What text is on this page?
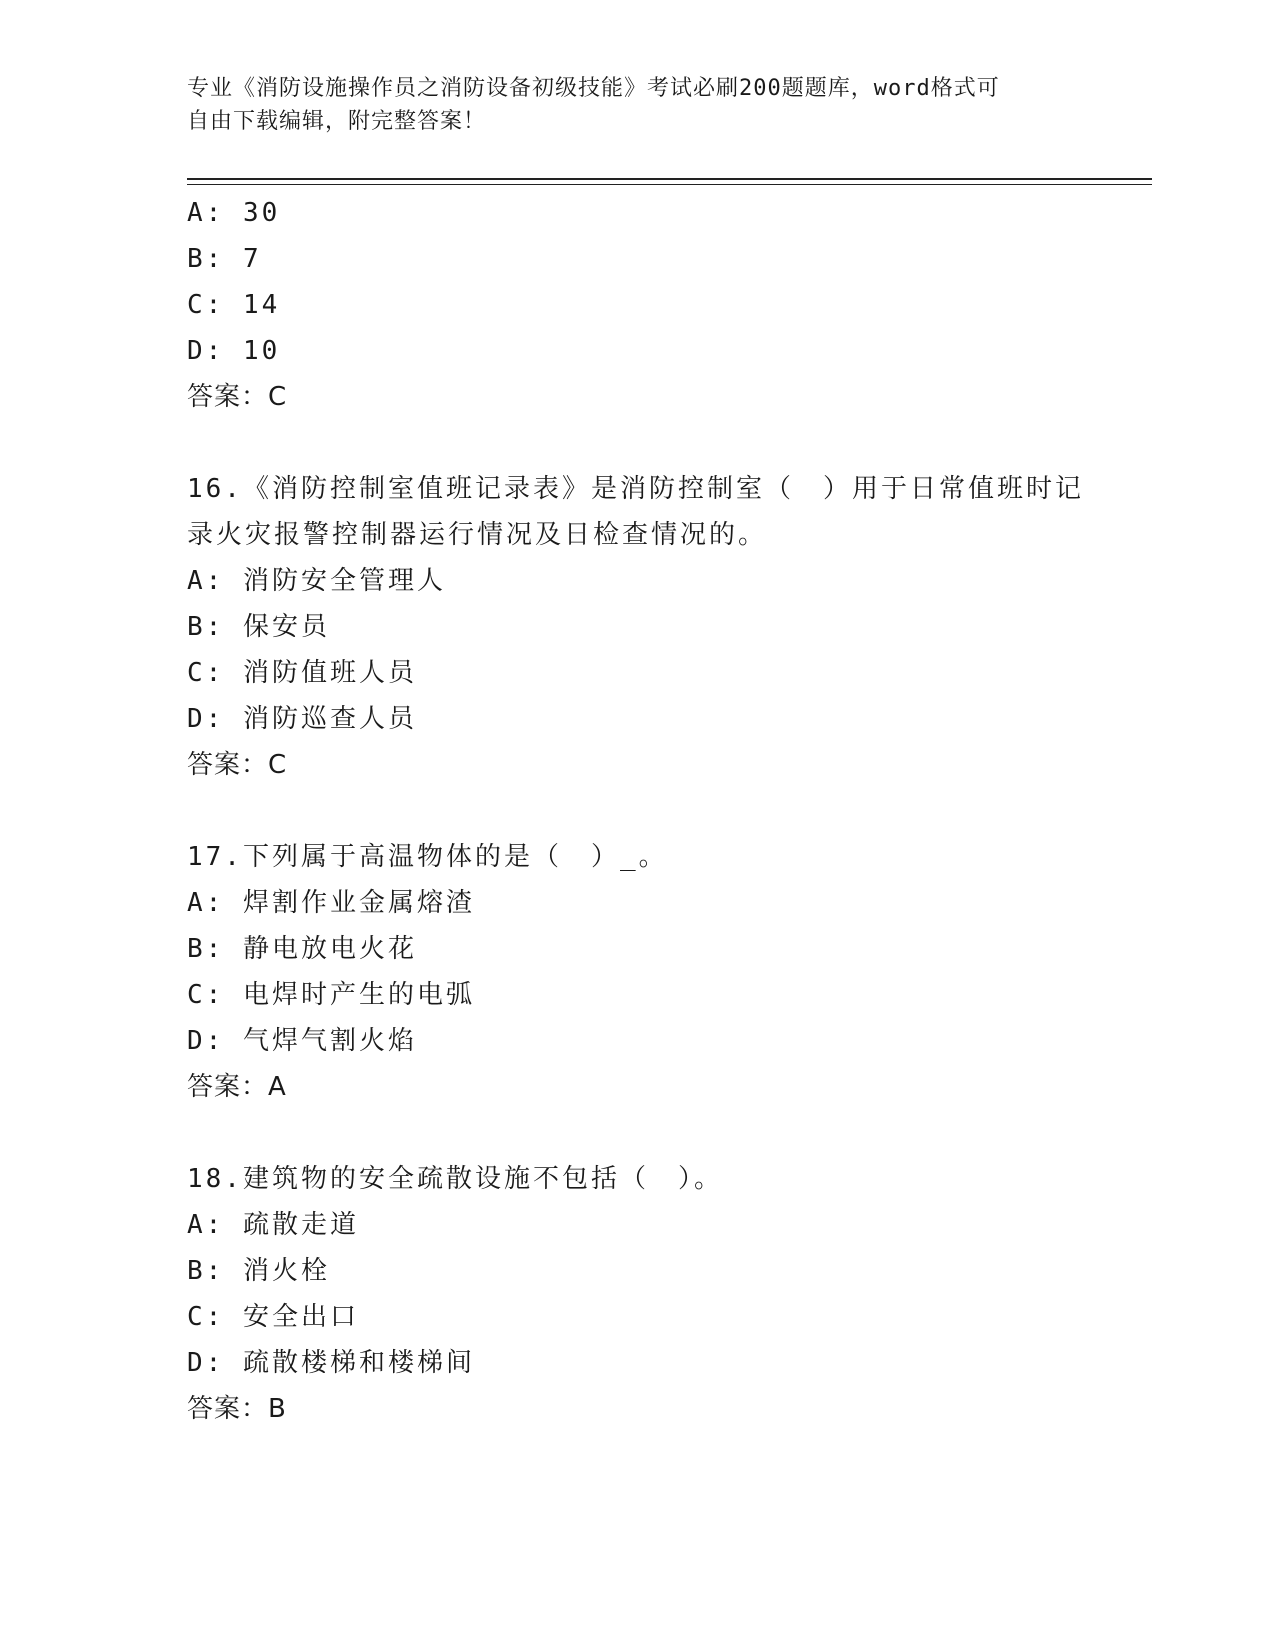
专业《消防设施操作员之消防设备初级技能》考试必刷200题题库，word格式可
自由下载编辑，附完整答案！
A: 30
B: 7
C: 14
D: 10
答案：C
16.《消防控制室值班记录表》是消防控制室（　）用于日常值班时记
录火灾报警控制器运行情况及日检查情况的。
A: 消防安全管理人
B: 保安员
C: 消防值班人员
D: 消防巡查人员
答案：C
17.下列属于高温物体的是（　）_。
A: 焊割作业金属熔渣
B: 静电放电火花
C: 电焊时产生的电弧
D: 气焊气割火焰
答案：A
18.建筑物的安全疏散设施不包括（　）。
A: 疏散走道
B: 消火栓
C: 安全出口
D: 疏散楼梯和楼梯间
答案：B
